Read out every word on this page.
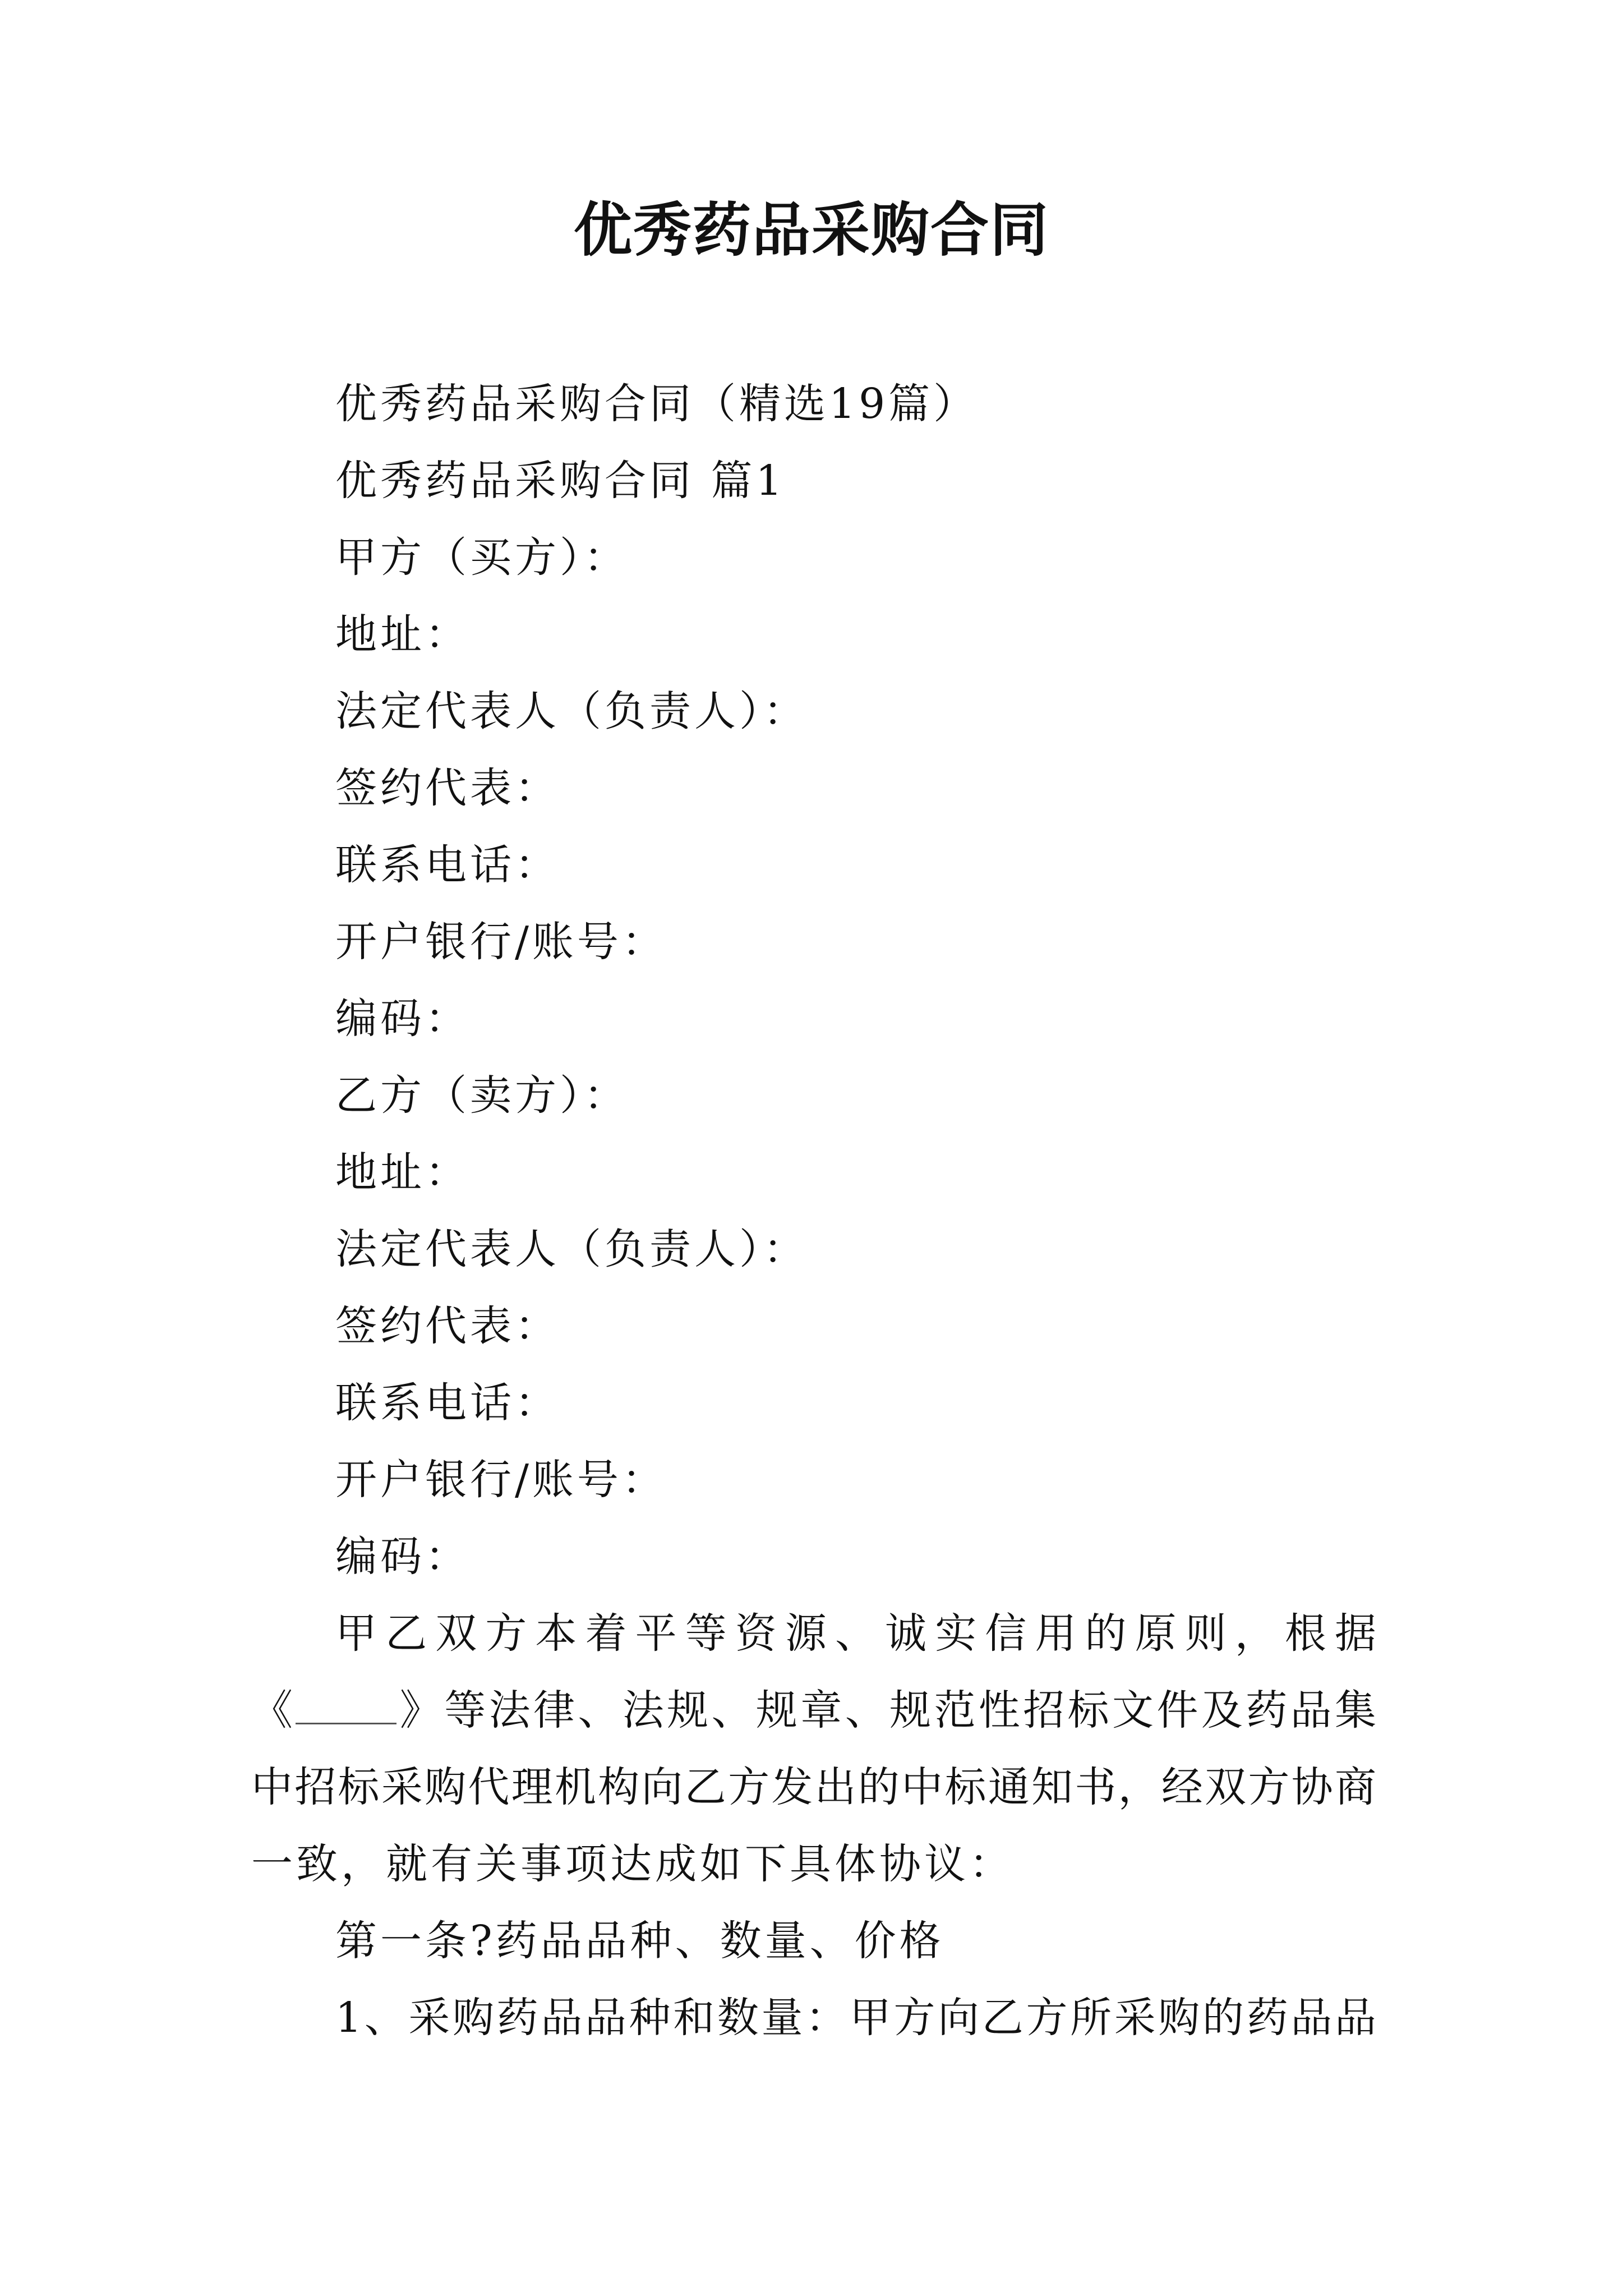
优秀药品采购合同
优秀药品采购合同（精选19篇）
优秀药品采购合同 篇1
甲方（买方）：
地址：
法定代表人（负责人）：
签约代表：
联系电话：
开户银行/账号：
编码：
乙方（卖方）：
地址：
法定代表人（负责人）：
签约代表：
联系电话：
开户银行/账号：
编码：
甲乙双方本着平等资源、诚实信用的原则，根据
《 》等法律、法规、规章、规范性招标文件及药品集
中招标采购代理机构向乙方发出的中标通知书，经双方协商
一致，就有关事项达成如下具体协议：
第一条?药品品种、数量、价格
1、采购药品品种和数量：甲方向乙方所采购的药品品
